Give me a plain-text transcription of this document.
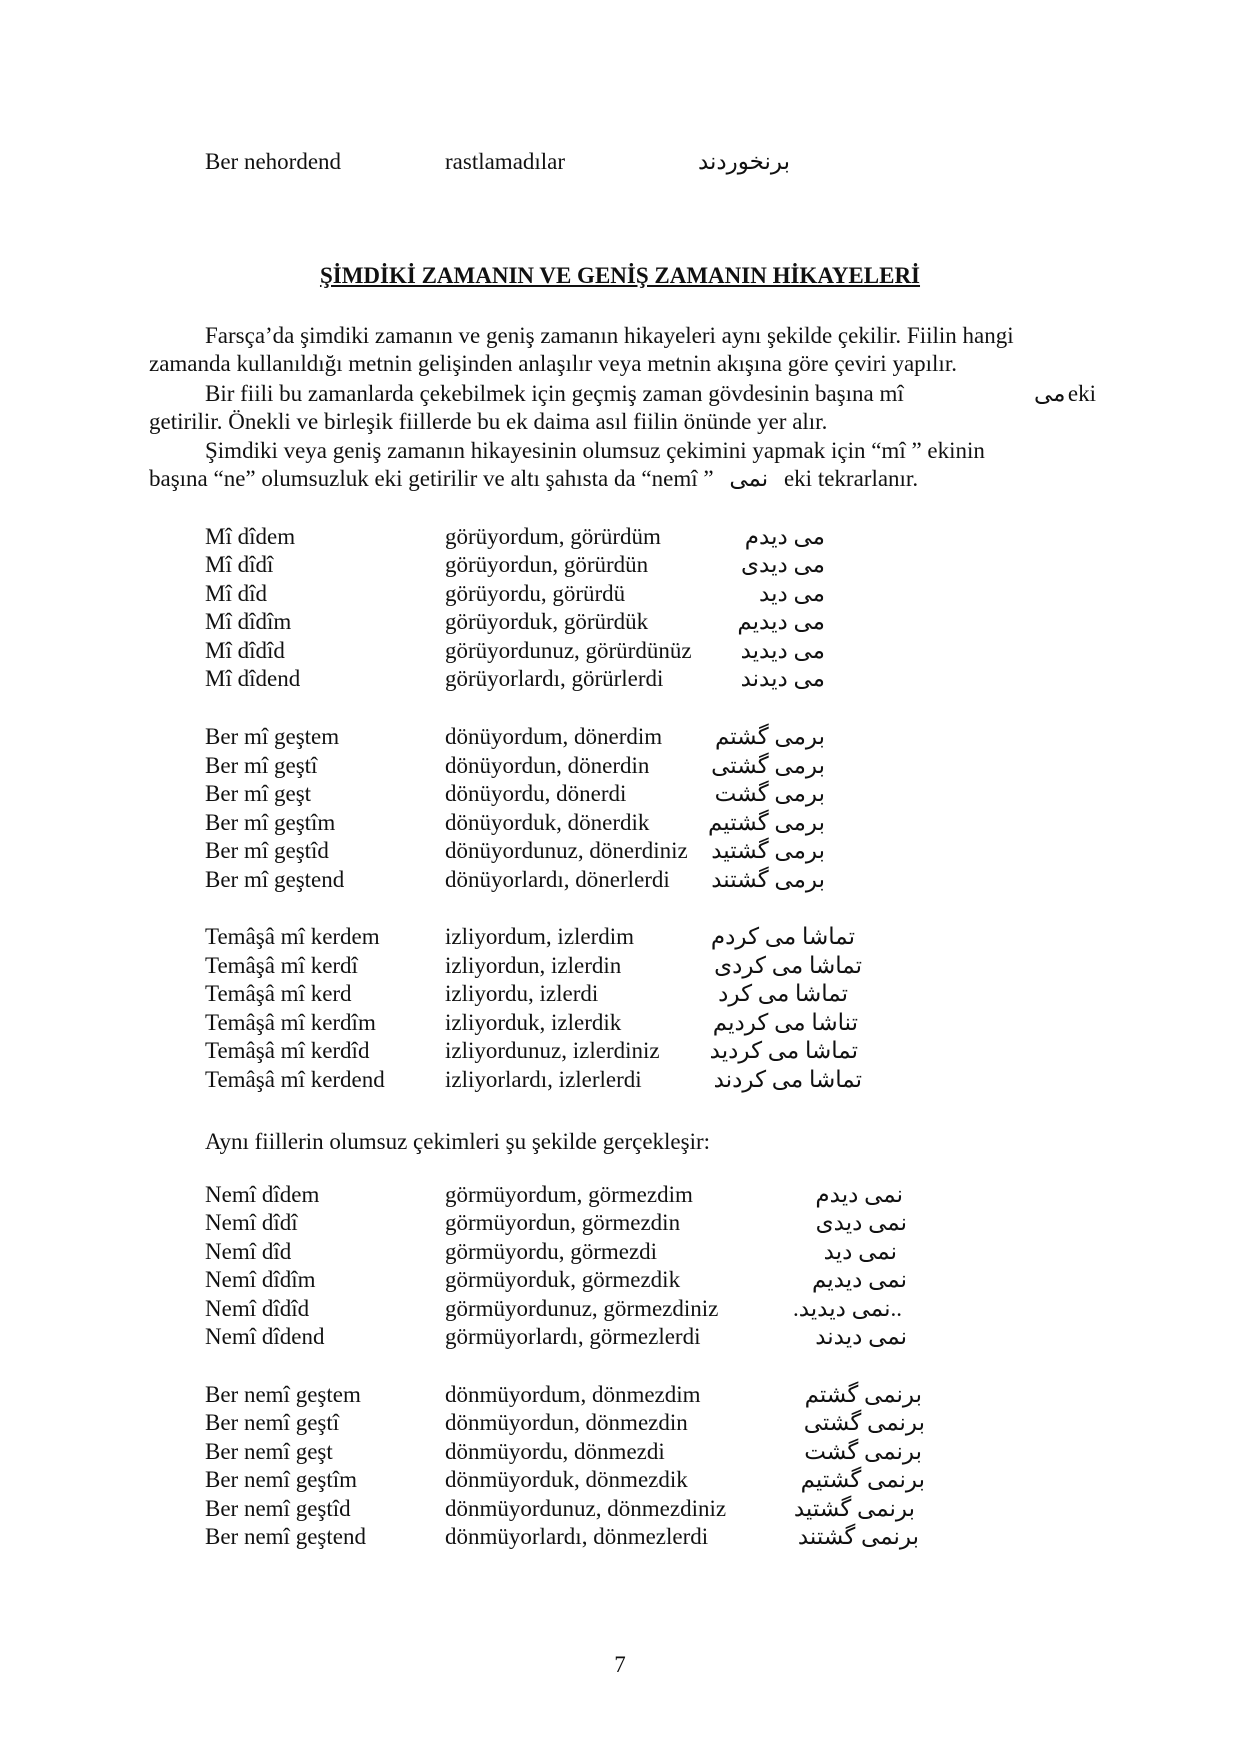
Ber nehordend	rastlamadılar	برنخوردند
ŞİMDİKİ ZAMANIN VE GENİŞ ZAMANIN HİKAYELERİ
Farsça’da şimdiki zamanın ve geniş zamanın hikayeleri aynı şekilde çekilir. Fiilin hangi
zamanda kullanıldığı metnin gelişinden anlaşılır veya metnin akışına göre çeviri yapılır.
Bir fiili bu zamanlarda çekebilmek için geçmiş zaman gövdesinin başına mî	می eki
getirilir. Önekli ve birleşik fiillerde bu ek daima asıl fiilin önünde yer alır.
Şimdiki veya geniş zamanın hikayesinin olumsuz çekimini yapmak için “mî ” ekinin
başına “ne” olumsuzluk eki getirilir ve altı şahısta da “nemî ” نمی eki tekrarlanır.
Mî dîdem	görüyordum, görürdüm	می دیدم
Mî dîdî	görüyordun, görürdün	می دیدی
Mî dîd	görüyordu, görürdü	می دید
Mî dîdîm	görüyorduk, görürdük	می دیدیم
Mî dîdîd	görüyordunuz, görürdünüz	می دیدید
Mî dîdend	görüyorlardı, görürlerdi	می دیدند
Ber mî geştem	dönüyordum, dönerdim	برمی گشتم
Ber mî geştî	dönüyordun, dönerdin	برمی گشتی
Ber mî geşt	dönüyordu, dönerdi	برمی گشت
Ber mî geştîm	dönüyorduk, dönerdik	برمی گشتیم
Ber mî geştîd	dönüyordunuz, dönerdiniz	برمی گشتید
Ber mî geştend	dönüyorlardı, dönerlerdi	برمی گشتند
Temâşâ mî kerdem	izliyordum, izlerdim	تماشا می کردم
Temâşâ mî kerdî	izliyordun, izlerdin	تماشا می کردی
Temâşâ mî kerd	izliyordu, izlerdi	تماشا می کرد
Temâşâ mî kerdîm	izliyorduk, izlerdik	تناشا می کردیم
Temâşâ mî kerdîd	izliyordunuz, izlerdiniz	تماشا می کردید
Temâşâ mî kerdend	izliyorlardı, izlerlerdi	تماشا می کردند
Aynı fiillerin olumsuz çekimleri şu şekilde gerçekleşir:
Nemî dîdem	görmüyordum, görmezdim	نمی دیدم
Nemî dîdî	görmüyordun, görmezdin	نمی دیدی
Nemî dîd	görmüyordu, görmezdi	نمی دید
Nemî dîdîm	görmüyorduk, görmezdik	نمی دیدیم
Nemî dîdîd	görmüyordunuz, görmezdiniz	..نمی دیدید.
Nemî dîdend	görmüyorlardı, görmezlerdi	نمی دیدند
Ber nemî geştem	dönmüyordum, dönmezdim	برنمی گشتم
Ber nemî geştî	dönmüyordun, dönmezdin	برنمی گشتی
Ber nemî geşt	dönmüyordu, dönmezdi	برنمی گشت
Ber nemî geştîm	dönmüyorduk, dönmezdik	برنمی گشتیم
Ber nemî geştîd	dönmüyordunuz, dönmezdiniz	برنمی گشتید
Ber nemî geştend	dönmüyorlardı, dönmezlerdi	برنمی گشتند
7
